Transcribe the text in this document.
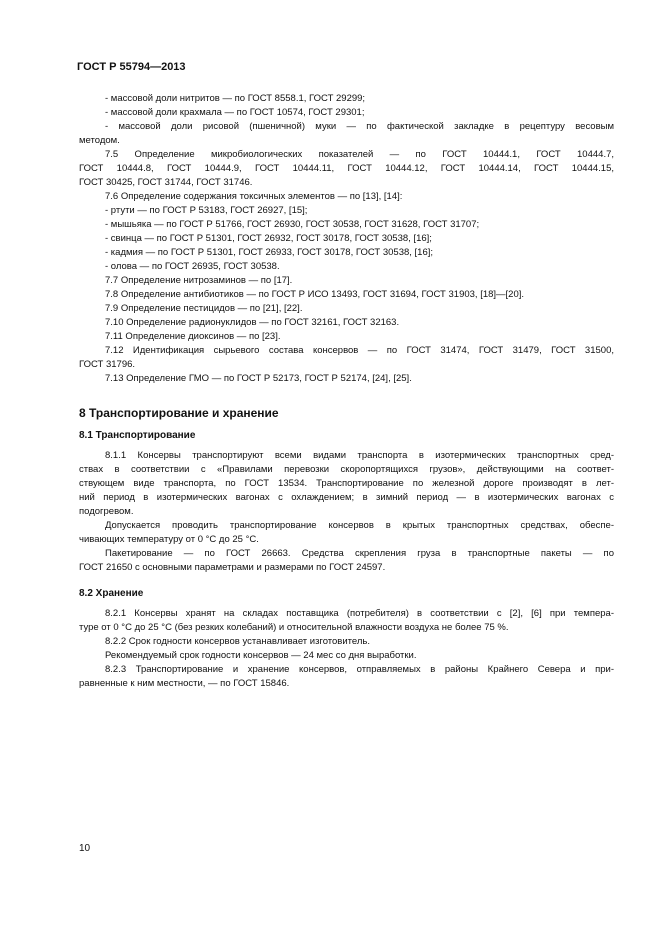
ГОСТ Р 55794—2013

- массовой доли нитритов — по ГОСТ 8558.1, ГОСТ 29299;

- массовой доли крахмала — по ГОСТ 10574, ГОСТ 29301;

- массовой доли рисовой (пшеничной) муки — по фактической закладке в рецептуру весовым

методом.

7.5 Определение микробиологических показателей — по ГОСТ 10444.1, ГОСТ 10444.7,

ГОСТ 10444.8, ГОСТ 10444.9, ГОСТ 10444.11, ГОСТ 10444.12, ГОСТ 10444.14, ГОСТ 10444.15,

ГОСТ 30425, ГОСТ 31744, ГОСТ 31746.

7.6 Определение содержания токсичных элементов — по [13], [14]:

- ртути — по ГОСТ Р 53183, ГОСТ 26927, [15];

- мышьяка — по ГОСТ Р 51766, ГОСТ 26930, ГОСТ 30538, ГОСТ 31628, ГОСТ 31707;

- свинца — по ГОСТ Р 51301, ГОСТ 26932, ГОСТ 30178, ГОСТ 30538, [16];

- кадмия — по ГОСТ Р 51301, ГОСТ 26933, ГОСТ 30178, ГОСТ 30538, [16];

- олова — по ГОСТ 26935, ГОСТ 30538.

7.7 Определение нитрозаминов — по [17].

7.8 Определение антибиотиков — по ГОСТ Р ИСО 13493, ГОСТ 31694, ГОСТ 31903, [18]—[20].

7.9 Определение пестицидов — по [21], [22].

7.10 Определение радионуклидов — по ГОСТ 32161, ГОСТ 32163.

7.11 Определение диоксинов — по [23].

7.12 Идентификация сырьевого состава консервов — по ГОСТ 31474, ГОСТ 31479, ГОСТ 31500,

ГОСТ 31796.

7.13 Определение ГМО — по ГОСТ Р 52173, ГОСТ Р 52174, [24], [25].

8 Транспортирование и хранение

8.1 Транспортирование

8.1.1 Консервы транспортируют всеми видами транспорта в изотермических транспортных сред-

ствах в соответствии с «Правилами перевозки скоропортящихся грузов», действующими на соответ-

ствующем виде транспорта, по ГОСТ 13534. Транспортирование по железной дороге производят в лет-

ний период в изотермических вагонах с охлаждением; в зимний период — в изотермических вагонах с

подогревом.

Допускается проводить транспортирование консервов в крытых транспортных средствах, обеспе-

чивающих температуру от 0 °С до 25 °С.

Пакетирование — по ГОСТ 26663. Средства скрепления груза в транспортные пакеты — по

ГОСТ 21650 с основными параметрами и размерами по ГОСТ 24597.

8.2 Хранение

8.2.1 Консервы хранят на складах поставщика (потребителя) в соответствии с [2], [6] при темпера-

туре от 0 °С до 25 °С (без резких колебаний) и относительной влажности воздуха не более 75 %.

8.2.2 Срок годности консервов устанавливает изготовитель.

Рекомендуемый срок годности консервов — 24 мес со дня выработки.

8.2.3 Транспортирование и хранение консервов, отправляемых в районы Крайнего Севера и при-

равненные к ним местности, — по ГОСТ 15846.

10
